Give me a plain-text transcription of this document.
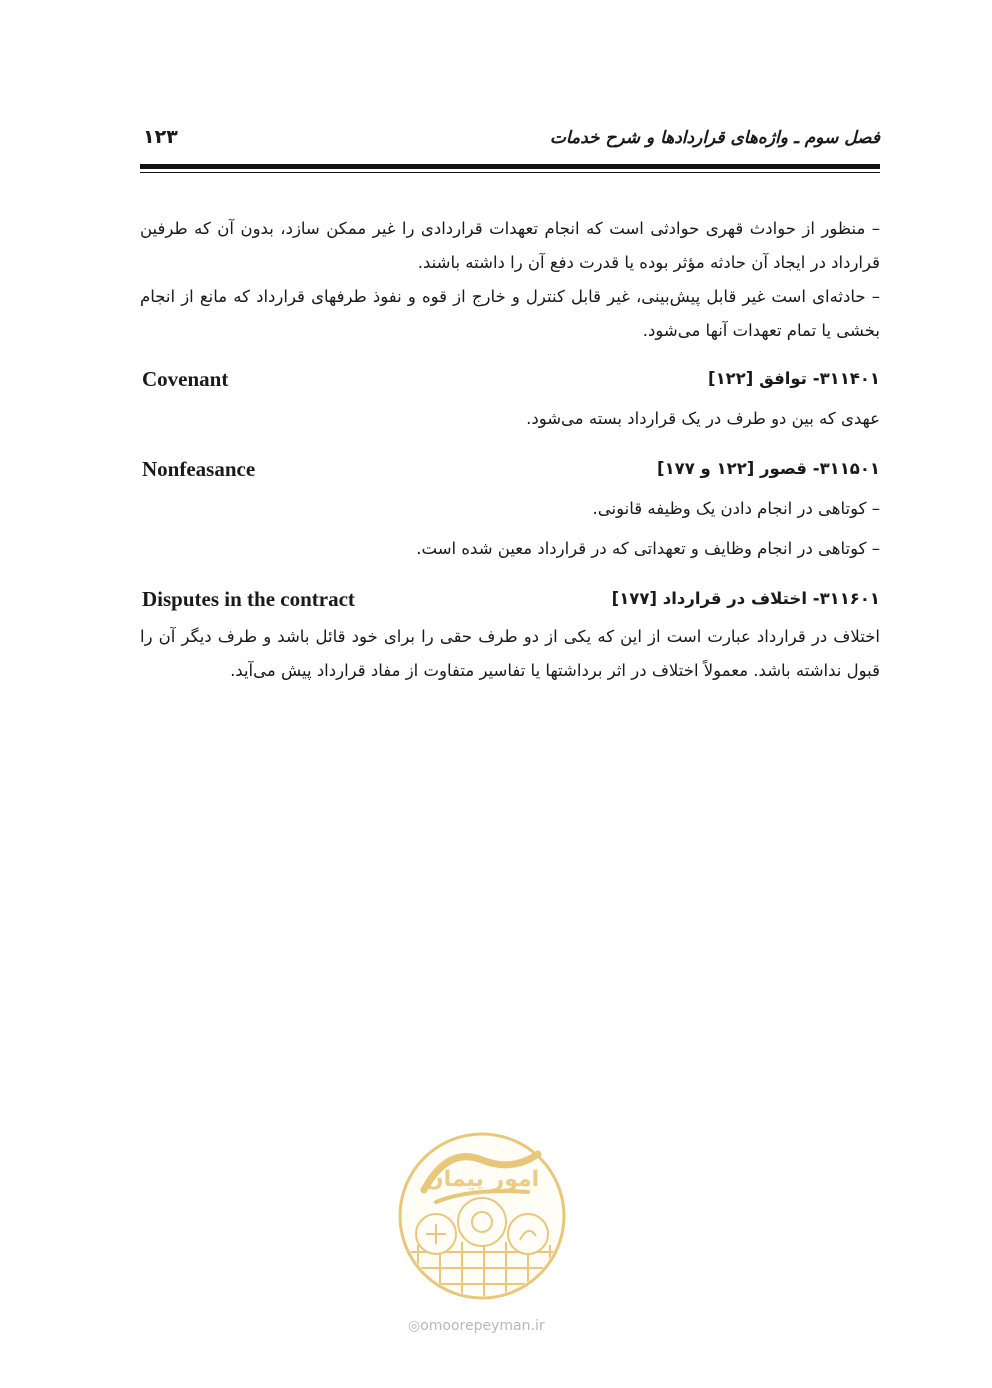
فصل سوم ـ واژه‌های قراردادها و شرح خدمات
۱۲۳

– منظور از حوادث قهری حوادثی است که انجام تعهدات قراردادی را غیر ممکن سازد، بدون آن که طرفین قرارداد در ایجاد آن حادثه مؤثر بوده یا قدرت دفع آن را داشته باشند.

– حادثه‌ای است غیر قابل پیش‌بینی، غیر قابل کنترل و خارج از قوه و نفوذ طرفهای قرارداد که مانع از انجام بخشی یا تمام تعهدات آنها می‌شود.

۳۱۱۴۰۱- توافق [۱۲۲]
Covenant

عهدی که بین دو طرف در یک قرارداد بسته می‌شود.

۳۱۱۵۰۱- قصور [۱۲۲ و ۱۷۷]
Nonfeasance

– کوتاهی در انجام دادن یک وظیفه قانونی.

– کوتاهی در انجام وظایف و تعهداتی که در قرارداد معین شده است.

۳۱۱۶۰۱- اختلاف در قرارداد [۱۷۷]
Disputes in the contract

اختلاف در قرارداد عبارت است از این که یکی از دو طرف حقی را برای خود قائل باشد و طرف دیگر آن را قبول نداشته باشد. معمولاً اختلاف در اثر برداشتها یا تفاسیر متفاوت از مفاد قرارداد پیش می‌آید.

امور پیمان
◎omoorepeyman.ir
